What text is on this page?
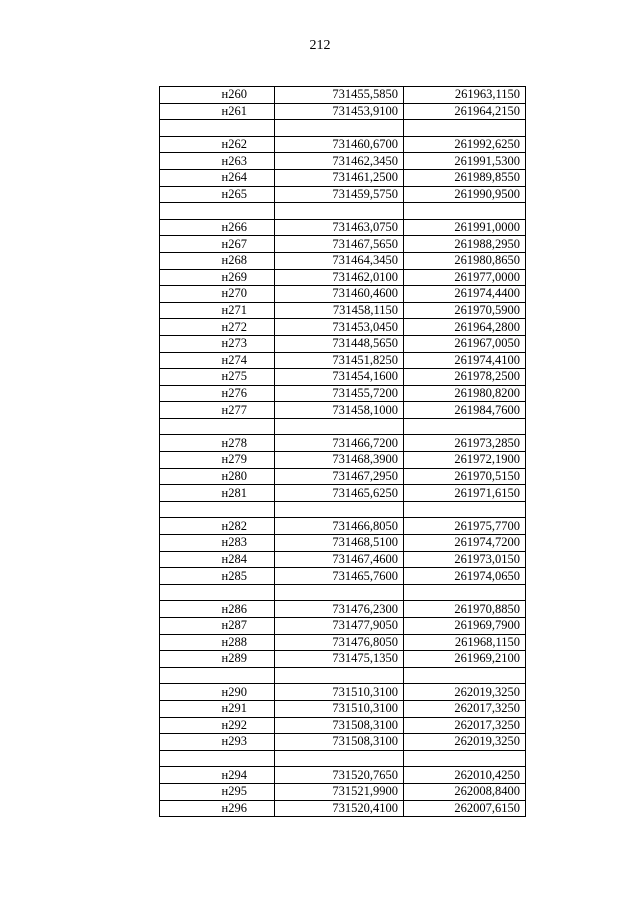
212
н260	731455,5850	261963,1150
н261	731453,9100	261964,2150

н262	731460,6700	261992,6250
н263	731462,3450	261991,5300
н264	731461,2500	261989,8550
н265	731459,5750	261990,9500

н266	731463,0750	261991,0000
н267	731467,5650	261988,2950
н268	731464,3450	261980,8650
н269	731462,0100	261977,0000
н270	731460,4600	261974,4400
н271	731458,1150	261970,5900
н272	731453,0450	261964,2800
н273	731448,5650	261967,0050
н274	731451,8250	261974,4100
н275	731454,1600	261978,2500
н276	731455,7200	261980,8200
н277	731458,1000	261984,7600

н278	731466,7200	261973,2850
н279	731468,3900	261972,1900
н280	731467,2950	261970,5150
н281	731465,6250	261971,6150

н282	731466,8050	261975,7700
н283	731468,5100	261974,7200
н284	731467,4600	261973,0150
н285	731465,7600	261974,0650

н286	731476,2300	261970,8850
н287	731477,9050	261969,7900
н288	731476,8050	261968,1150
н289	731475,1350	261969,2100

н290	731510,3100	262019,3250
н291	731510,3100	262017,3250
н292	731508,3100	262017,3250
н293	731508,3100	262019,3250

н294	731520,7650	262010,4250
н295	731521,9900	262008,8400
н296	731520,4100	262007,6150
